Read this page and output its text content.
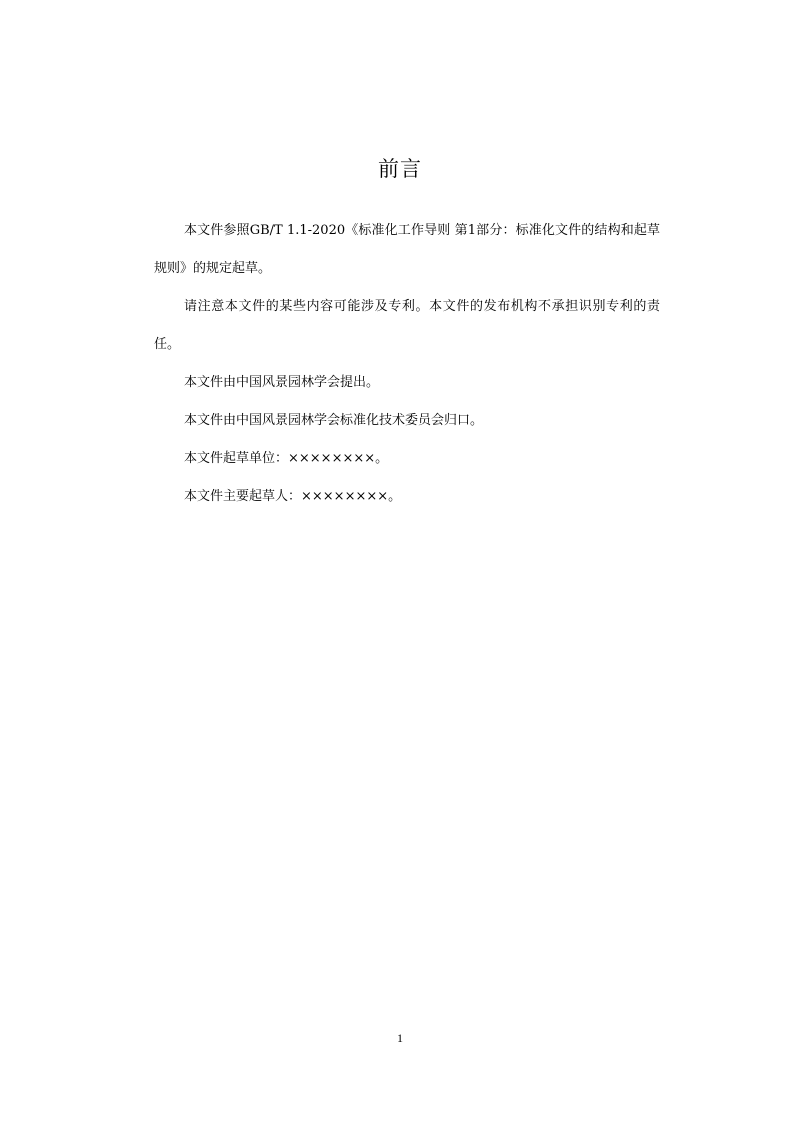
前言

本文件参照GB/T 1.1-2020《标准化工作导则 第1部分：标准化文件的结构和起草规则》的规定起草。

请注意本文件的某些内容可能涉及专利。本文件的发布机构不承担识别专利的责任。

本文件由中国风景园林学会提出。

本文件由中国风景园林学会标准化技术委员会归口。

本文件起草单位：××××××××。

本文件主要起草人：××××××××。

1
